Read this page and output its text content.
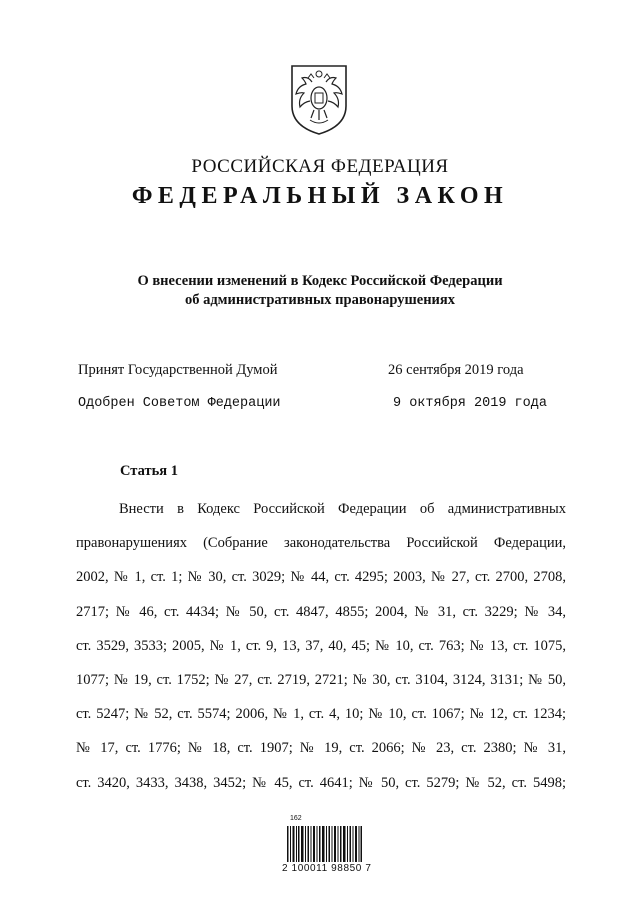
РОССИЙСКАЯ ФЕДЕРАЦИЯ
ФЕДЕРАЛЬНЫЙ ЗАКОН
О внесении изменений в Кодекс Российской Федерации
об административных правонарушениях
Принят Государственной Думой	26 сентября 2019 года
Одобрен Советом Федерации	9 октября 2019 года
Статья 1
Внести в Кодекс Российской Федерации об административных
правонарушениях (Собрание законодательства Российской Федерации,
2002, № 1, ст. 1; № 30, ст. 3029; № 44, ст. 4295; 2003, № 27, ст. 2700, 2708,
2717; № 46, ст. 4434; № 50, ст. 4847, 4855; 2004, № 31, ст. 3229; № 34,
ст. 3529, 3533; 2005, № 1, ст. 9, 13, 37, 40, 45; № 10, ст. 763; № 13, ст. 1075,
1077; № 19, ст. 1752; № 27, ст. 2719, 2721; № 30, ст. 3104, 3124, 3131; № 50,
ст. 5247; № 52, ст. 5574; 2006, № 1, ст. 4, 10; № 10, ст. 1067; № 12, ст. 1234;
№ 17, ст. 1776; № 18, ст. 1907; № 19, ст. 2066; № 23, ст. 2380; № 31,
ст. 3420, 3433, 3438, 3452; № 45, ст. 4641; № 50, ст. 5279; № 52, ст. 5498;
162
2 100011 98850 7
